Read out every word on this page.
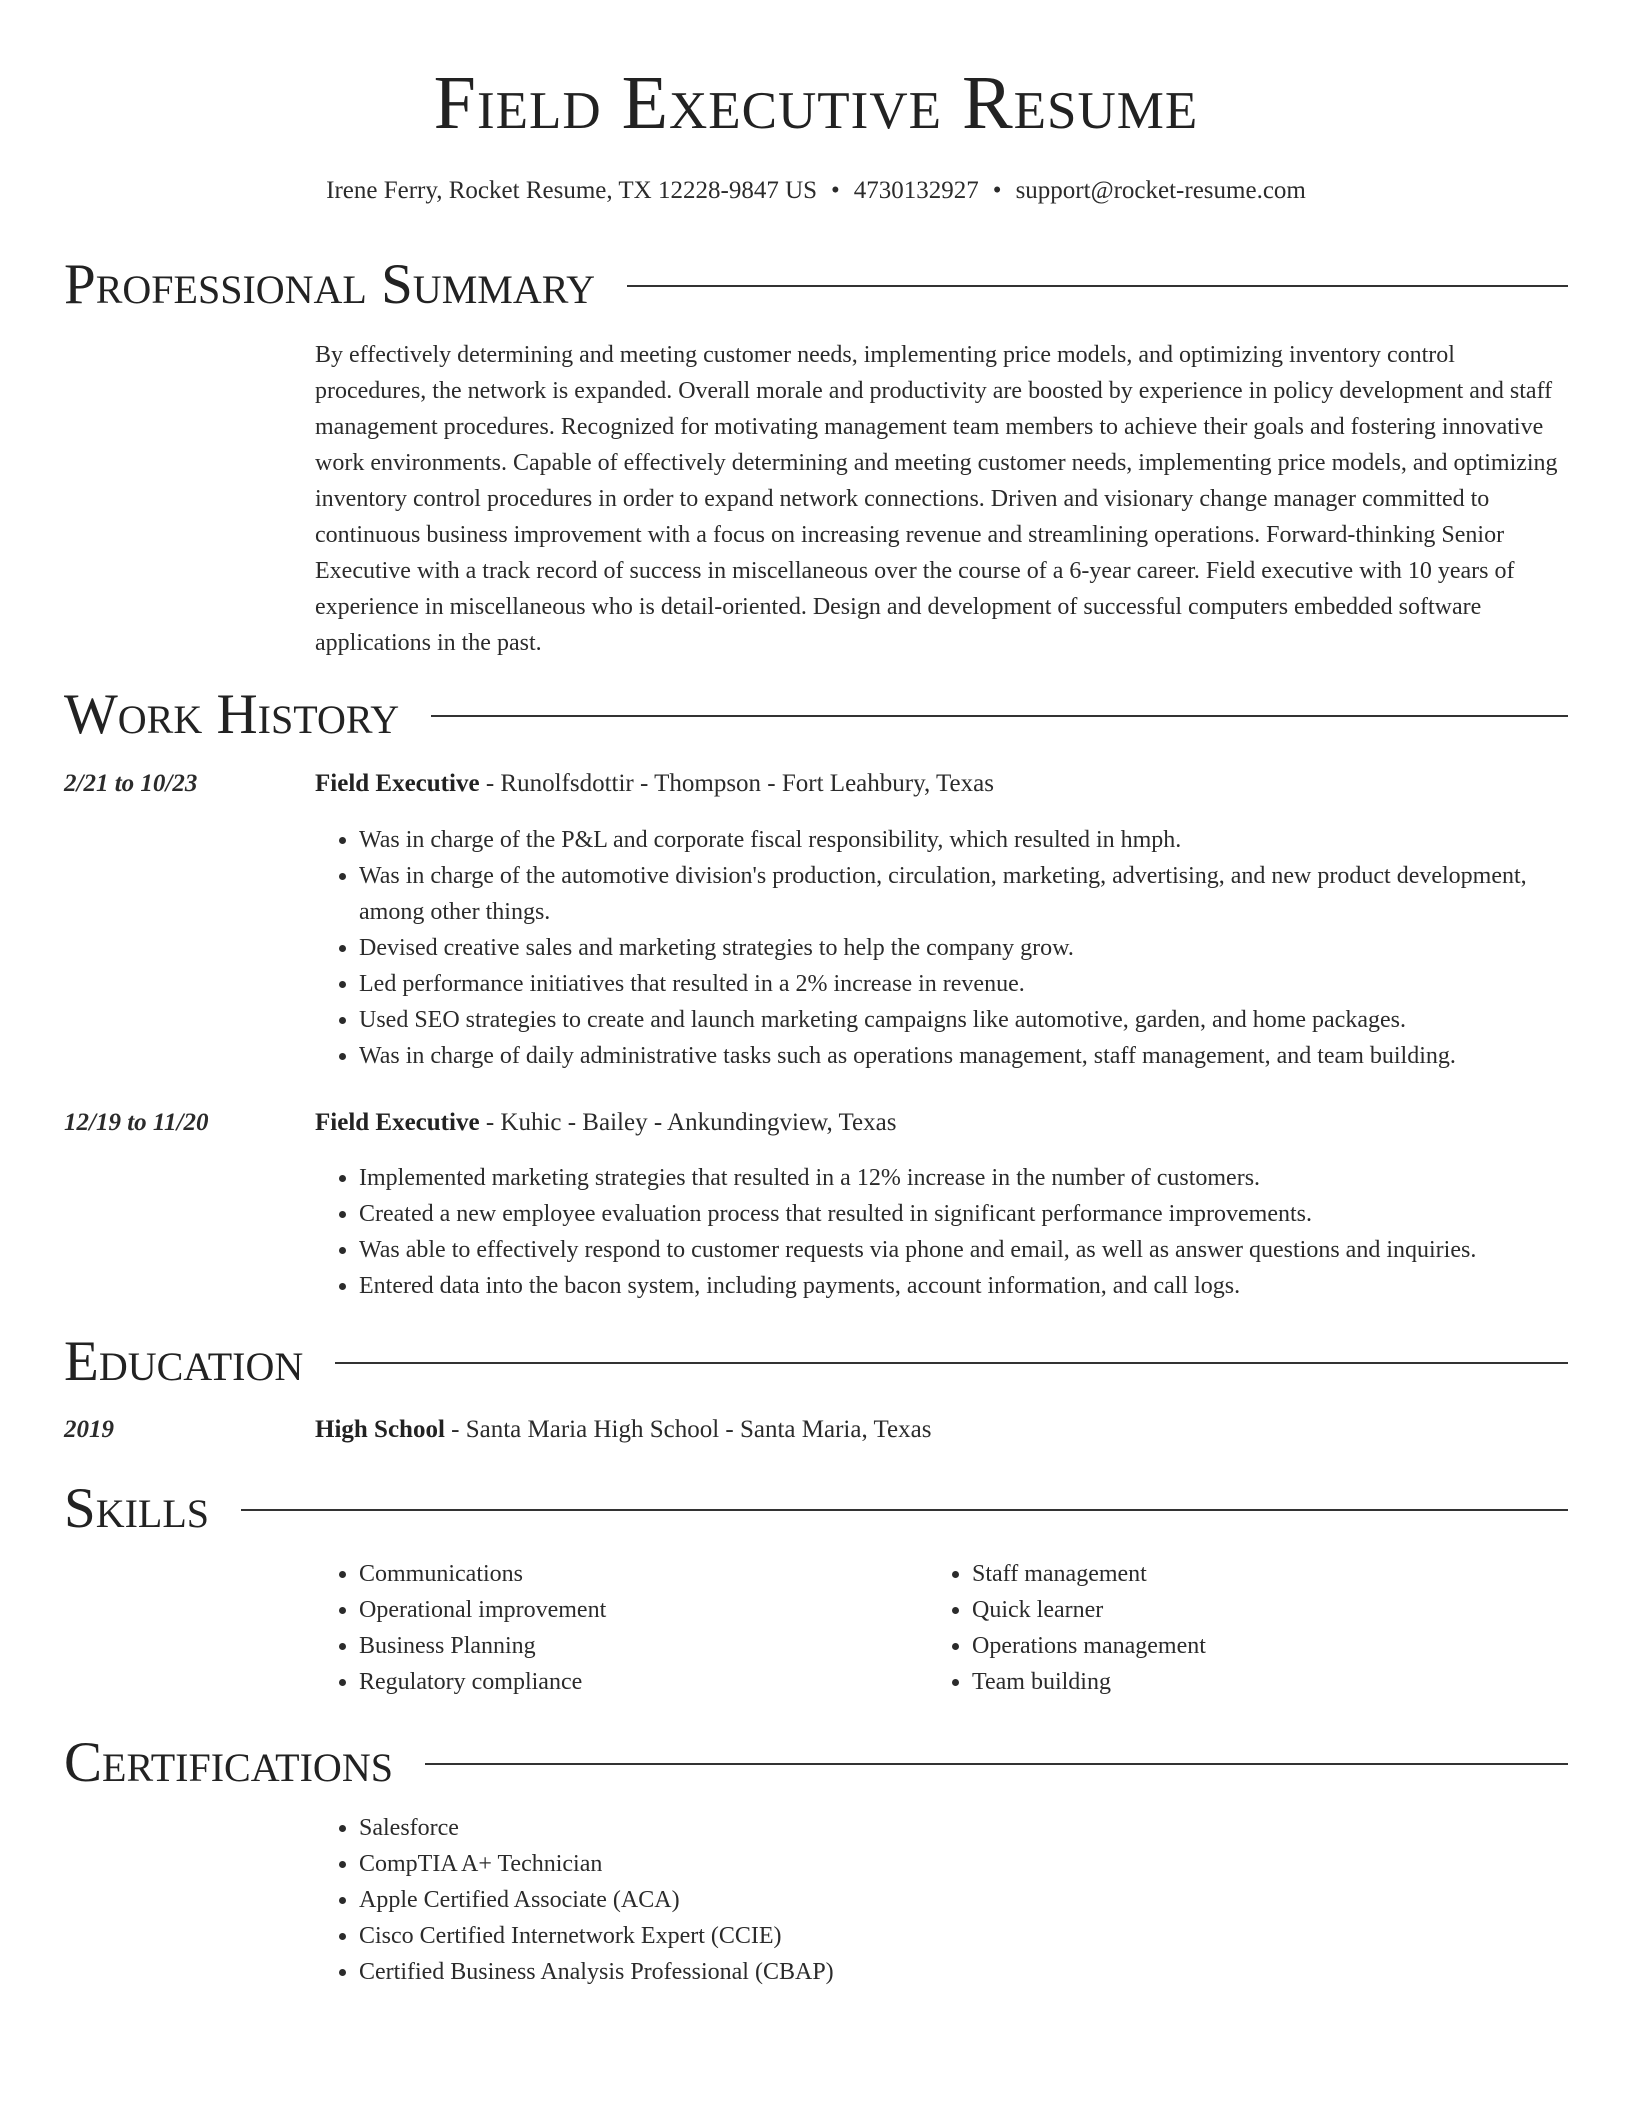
Field Executive Resume
Irene Ferry, Rocket Resume, TX 12228-9847 US • 4730132927 • support@rocket-resume.com
Professional Summary

By effectively determining and meeting customer needs, implementing price models, and optimizing inventory control procedures, the network is expanded. Overall morale and productivity are boosted by experience in policy development and staff management procedures. Recognized for motivating management team members to achieve their goals and fostering innovative work environments. Capable of effectively determining and meeting customer needs, implementing price models, and optimizing inventory control procedures in order to expand network connections. Driven and visionary change manager committed to continuous business improvement with a focus on increasing revenue and streamlining operations. Forward-thinking Senior Executive with a track record of success in miscellaneous over the course of a 6-year career. Field executive with 10 years of experience in miscellaneous who is detail-oriented. Design and development of successful computers embedded software applications in the past.

Work History
2/21 to 10/23	Field Executive - Runolfsdottir - Thompson - Fort Leahbury, Texas
• Was in charge of the P&L and corporate fiscal responsibility, which resulted in hmph.
• Was in charge of the automotive division's production, circulation, marketing, advertising, and new product development, among other things.
• Devised creative sales and marketing strategies to help the company grow.
• Led performance initiatives that resulted in a 2% increase in revenue.
• Used SEO strategies to create and launch marketing campaigns like automotive, garden, and home packages.
• Was in charge of daily administrative tasks such as operations management, staff management, and team building.
12/19 to 11/20	Field Executive - Kuhic - Bailey - Ankundingview, Texas
• Implemented marketing strategies that resulted in a 12% increase in the number of customers.
• Created a new employee evaluation process that resulted in significant performance improvements.
• Was able to effectively respond to customer requests via phone and email, as well as answer questions and inquiries.
• Entered data into the bacon system, including payments, account information, and call logs.
Education
2019	High School - Santa Maria High School - Santa Maria, Texas
Skills
• Communications
• Operational improvement
• Business Planning
• Regulatory compliance
• Staff management
• Quick learner
• Operations management
• Team building
Certifications
• Salesforce
• CompTIA A+ Technician
• Apple Certified Associate (ACA)
• Cisco Certified Internetwork Expert (CCIE)
• Certified Business Analysis Professional (CBAP)
